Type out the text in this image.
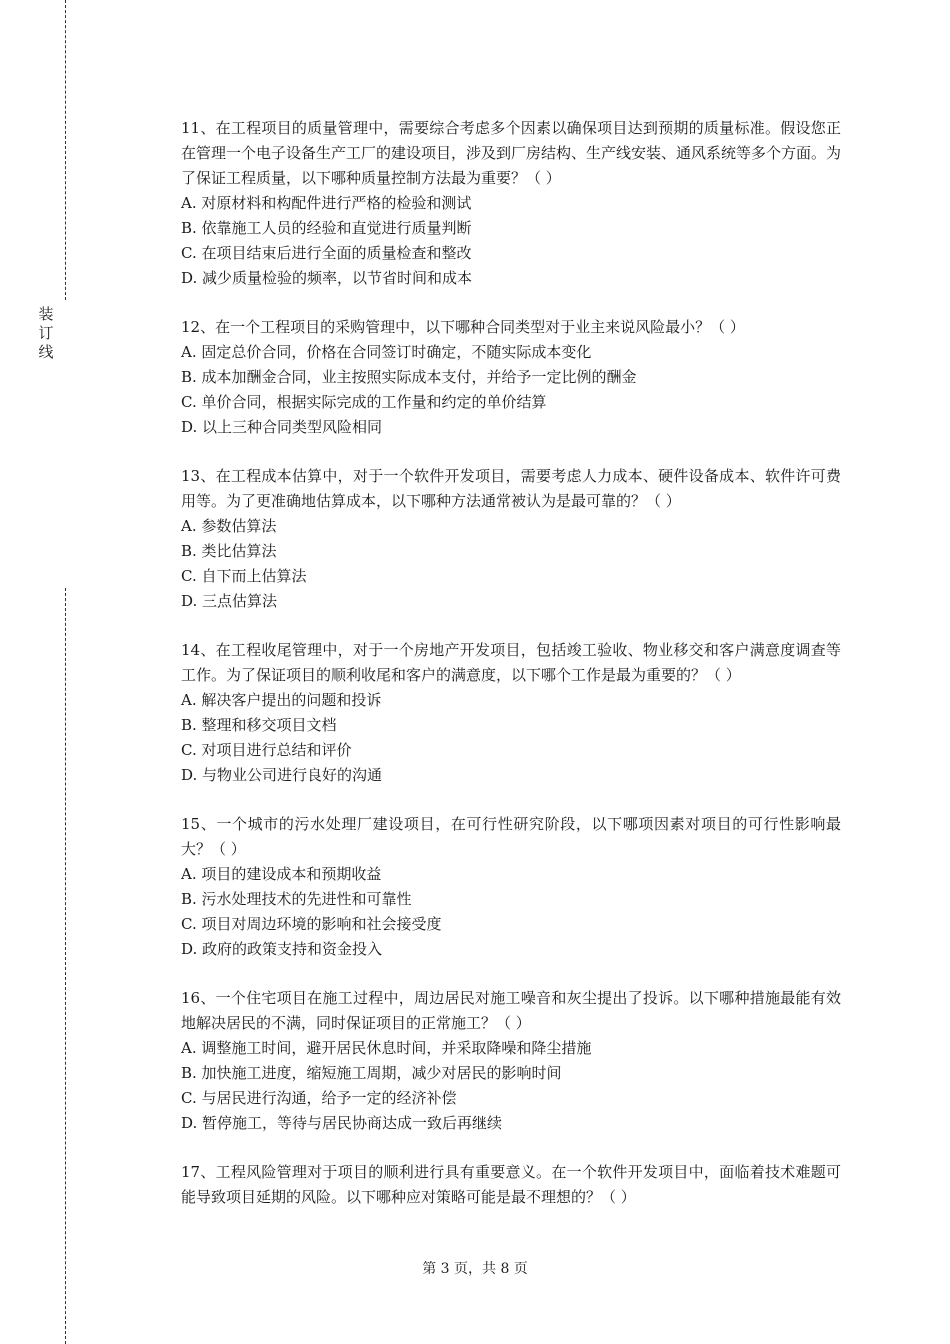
装订线

11、在工程项目的质量管理中，需要综合考虑多个因素以确保项目达到预期的质量标准。假设您正在管理一个电子设备生产工厂的建设项目，涉及到厂房结构、生产线安装、通风系统等多个方面。为了保证工程质量，以下哪种质量控制方法最为重要？（ ）

A. 对原材料和构配件进行严格的检验和测试

B. 依靠施工人员的经验和直觉进行质量判断

C. 在项目结束后进行全面的质量检查和整改

D. 减少质量检验的频率，以节省时间和成本

12、在一个工程项目的采购管理中，以下哪种合同类型对于业主来说风险最小？（ ）

A. 固定总价合同，价格在合同签订时确定，不随实际成本变化

B. 成本加酬金合同，业主按照实际成本支付，并给予一定比例的酬金

C. 单价合同，根据实际完成的工作量和约定的单价结算

D. 以上三种合同类型风险相同

13、在工程成本估算中，对于一个软件开发项目，需要考虑人力成本、硬件设备成本、软件许可费用等。为了更准确地估算成本，以下哪种方法通常被认为是最可靠的？（ ）

A. 参数估算法

B. 类比估算法

C. 自下而上估算法

D. 三点估算法

14、在工程收尾管理中，对于一个房地产开发项目，包括竣工验收、物业移交和客户满意度调查等工作。为了保证项目的顺利收尾和客户的满意度，以下哪个工作是最为重要的？（ ）

A. 解决客户提出的问题和投诉

B. 整理和移交项目文档

C. 对项目进行总结和评价

D. 与物业公司进行良好的沟通

15、一个城市的污水处理厂建设项目，在可行性研究阶段，以下哪项因素对项目的可行性影响最大？（ ）

A. 项目的建设成本和预期收益

B. 污水处理技术的先进性和可靠性

C. 项目对周边环境的影响和社会接受度

D. 政府的政策支持和资金投入

16、一个住宅项目在施工过程中，周边居民对施工噪音和灰尘提出了投诉。以下哪种措施最能有效地解决居民的不满，同时保证项目的正常施工？（ ）

A. 调整施工时间，避开居民休息时间，并采取降噪和降尘措施

B. 加快施工进度，缩短施工周期，减少对居民的影响时间

C. 与居民进行沟通，给予一定的经济补偿

D. 暂停施工，等待与居民协商达成一致后再继续

17、工程风险管理对于项目的顺利进行具有重要意义。在一个软件开发项目中，面临着技术难题可能导致项目延期的风险。以下哪种应对策略可能是最不理想的？（ ）

第 3 页，共 8 页
